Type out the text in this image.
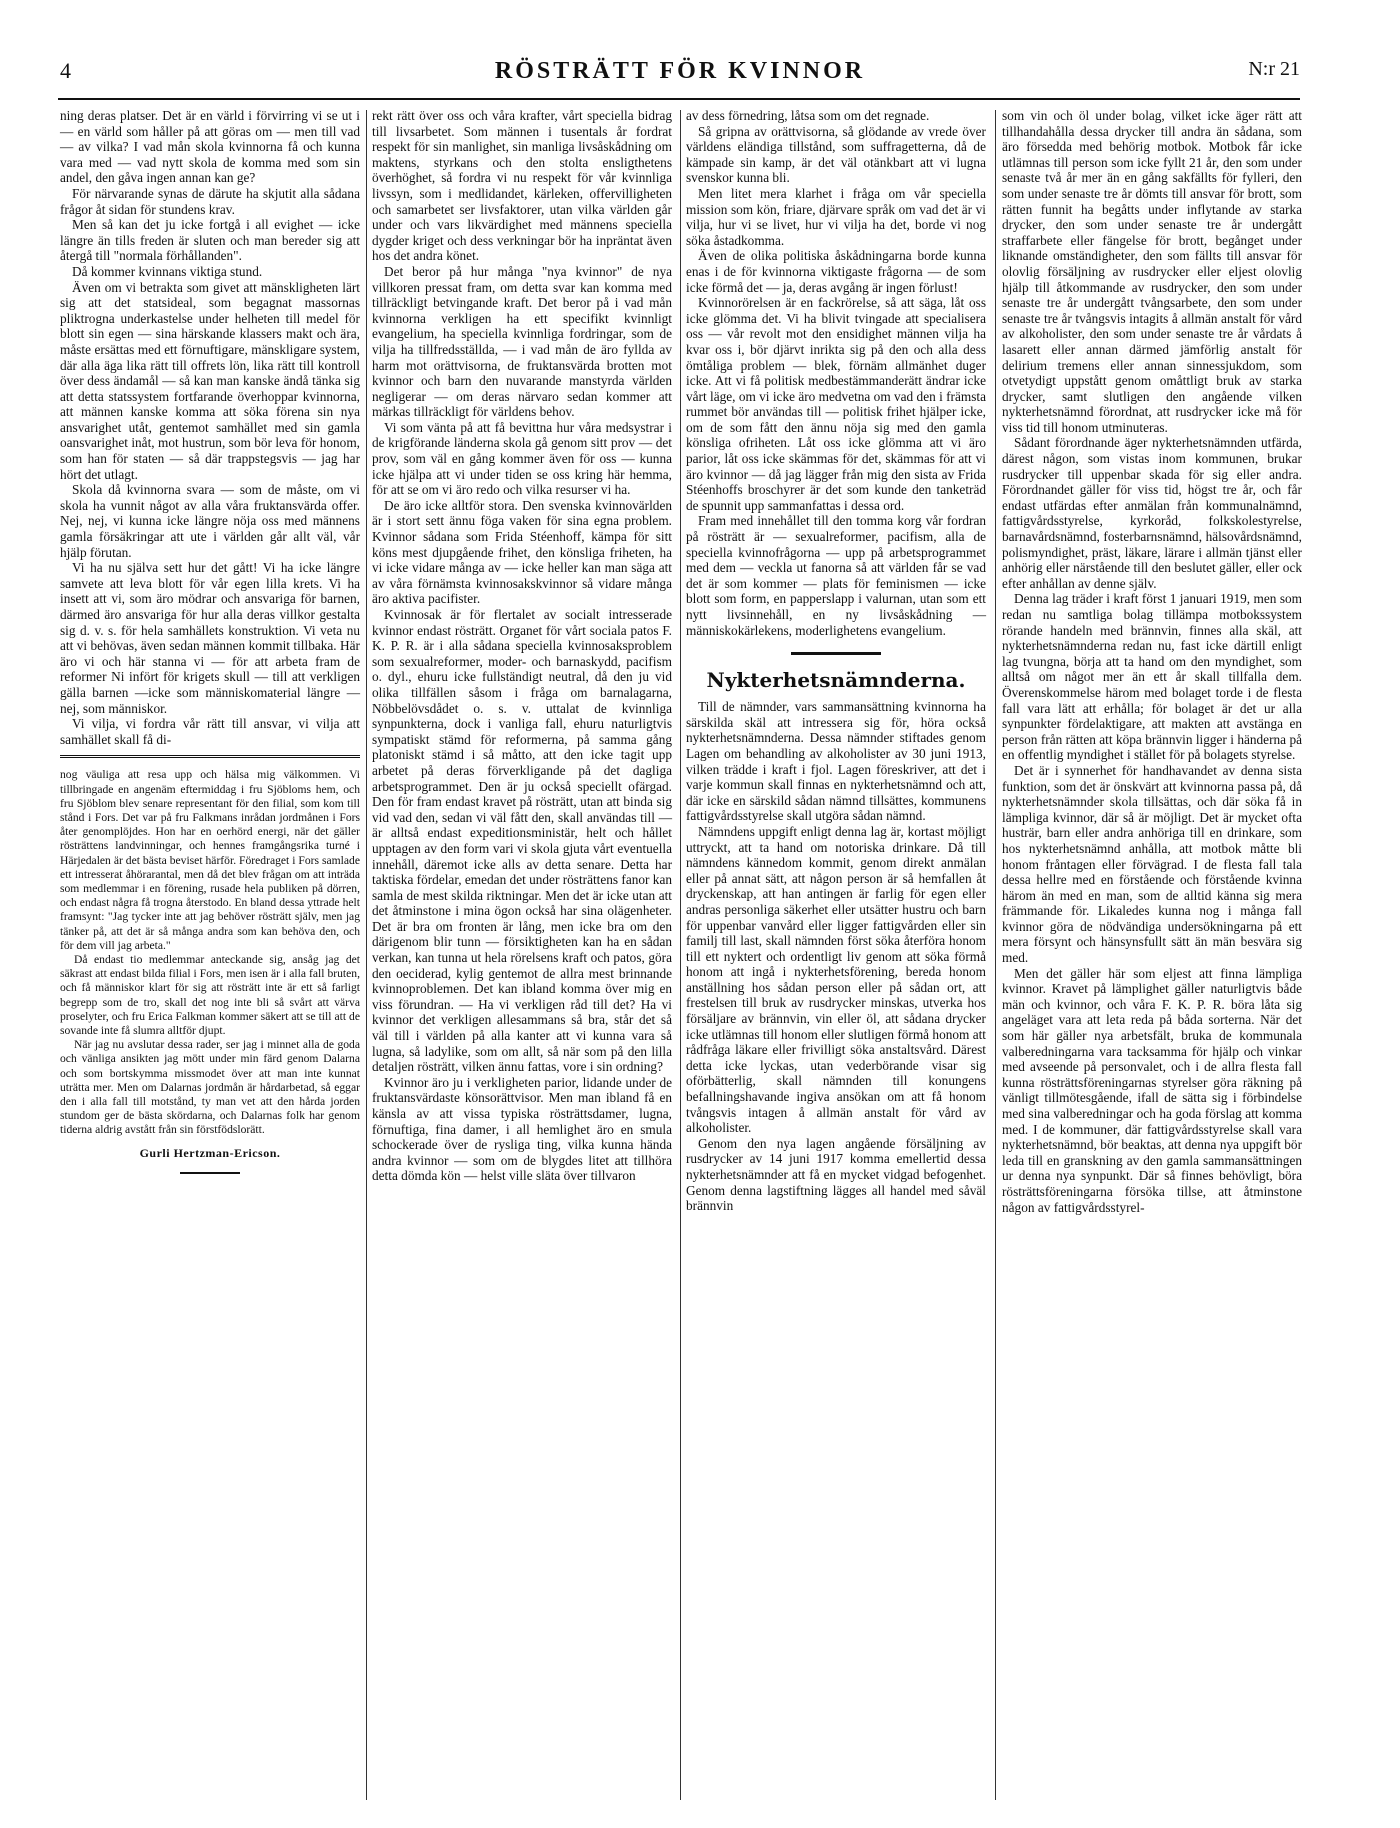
4	RÖSTRÄTT FÖR KVINNOR	N:r 21

ning deras platser. Det är en värld i förvirring vi se ut i — en värld som håller på att göras om — men till vad — av vilka? I vad mån skola kvinnorna få och kunna vara med — vad nytt skola de komma med som sin andel, den gåva ingen annan kan ge?

För närvarande synas de därute ha skjutit alla sådana frågor åt sidan för stundens krav.

Men så kan det ju icke fortgå i all evighet — icke längre än tills freden är sluten och man bereder sig att återgå till "normala förhållanden".

Då kommer kvinnans viktiga stund.

Även om vi betrakta som givet att mänskligheten lärt sig att det statsideal, som begagnat massornas pliktrogna underkastelse under helheten till medel för blott sin egen — sina härskande klassers makt och ära, måste ersättas med ett förnuftigare, mänskligare system, där alla äga lika rätt till offrets lön, lika rätt till kontroll över dess ändamål — så kan man kanske ändå tänka sig att detta statssystem fortfarande överhoppar kvinnorna, att männen kanske komma att söka förena sin nya ansvarighet utåt, gentemot samhället med sin gamla oansvarighet inåt, mot hustrun, som bör leva för honom, som han för staten — så där trappstegsvis — jag har hört det utlagt.

Skola då kvinnorna svara — som de måste, om vi skola ha vunnit något av alla våra fruktansvärda offer. Nej, nej, vi kunna icke längre nöja oss med männens gamla försäkringar att ute i världen går allt väl, vår hjälp förutan.

Vi ha nu själva sett hur det gått! Vi ha icke längre samvete att leva blott för vår egen lilla krets. Vi ha insett att vi, som äro mödrar och ansvariga för barnen, därmed äro ansvariga för hur alla deras villkor gestalta sig d. v. s. för hela samhällets konstruktion. Vi veta nu att vi behövas, även sedan männen kommit tillbaka. Här äro vi och här stanna vi — för att arbeta fram de reformer Ni infört för krigets skull — till att verkligen gälla barnen —icke som människomaterial längre — nej, som människor.

Vi vilja, vi fordra vår rätt till ansvar, vi vilja att samhället skall få di-

nog väuliga att resa upp och hälsa mig välkommen. Vi tillbringade en angenäm eftermiddag i fru Sjöbloms hem, och fru Sjöblom blev senare representant för den filial, som kom till stånd i Fors. Det var på fru Falkmans inrådan jordmånen i Fors åter genomplöjdes. Hon har en oerhörd energi, när det gäller rösträttens landvinningar, och hennes framgångsrika turné i Härjedalen är det bästa beviset härför. Föredraget i Fors samlade ett intresserat åhörarantal, men då det blev frågan om att inträda som medlemmar i en förening, rusade hela publiken på dörren, och endast några få trogna återstodo. En bland dessa yttrade helt framsynt: "Jag tycker inte att jag behöver rösträtt själv, men jag tänker på, att det är så många andra som kan behöva den, och för dem vill jag arbeta."

Då endast tio medlemmar anteckande sig, ansåg jag det säkrast att endast bilda filial i Fors, men isen är i alla fall bruten, och få människor klart för sig att rösträtt inte är ett så farligt begrepp som de tro, skall det nog inte bli så svårt att värva proselyter, och fru Erica Falkman kommer säkert att se till att de sovande inte få slumra alltför djupt.

När jag nu avslutar dessa rader, ser jag i minnet alla de goda och vänliga ansikten jag mött under min färd genom Dalarna och som bortskymma missmodet över att man inte kunnat uträtta mer. Men om Dalarnas jordmån är hårdarbetad, så eggar den i alla fall till motstånd, ty man vet att den hårda jorden stundom ger de bästa skördarna, och Dalarnas folk har genom tiderna aldrig avstått från sin förstfödslorätt.

Gurli Hertzman-Ericson.

rekt rätt över oss och våra krafter, vårt speciella bidrag till livsarbetet. Som männen i tusentals år fordrat respekt för sin manlighet, sin manliga livsåskådning om maktens, styrkans och den stolta ensligthetens överhöghet, så fordra vi nu respekt för vår kvinnliga livssyn, som i medlidandet, kärleken, offervilligheten och samarbetet ser livsfaktorer, utan vilka världen går under och vars likvärdighet med männens speciella dygder kriget och dess verkningar bör ha inpräntat även hos det andra könet.

Det beror på hur många "nya kvinnor" de nya villkoren pressat fram, om detta svar kan komma med tillräckligt betvingande kraft. Det beror på i vad mån kvinnorna verkligen ha ett specifikt kvinnligt evangelium, ha speciella kvinnliga fordringar, som de vilja ha tillfredsställda, — i vad mån de äro fyllda av harm mot orättvisorna, de fruktansvärda brotten mot kvinnor och barn den nuvarande manstyrda världen negligerar — om deras närvaro sedan kommer att märkas tillräckligt för världens behov.

Vi som vänta på att få bevittna hur våra medsystrar i de krigförande länderna skola gå genom sitt prov — det prov, som väl en gång kommer även för oss — kunna icke hjälpa att vi under tiden se oss kring här hemma, för att se om vi äro redo och vilka resurser vi ha.

De äro icke alltför stora. Den svenska kvinnovärlden är i stort sett ännu föga vaken för sina egna problem. Kvinnor sådana som Frida Stéenhoff, kämpa för sitt köns mest djupgående frihet, den könsliga friheten, ha vi icke vidare många av — icke heller kan man säga att av våra förnämsta kvinnosakskvinnor så vidare många äro aktiva pacifister.

Kvinnosak är för flertalet av socialt intresserade kvinnor endast rösträtt. Organet för vårt sociala patos F. K. P. R. är i alla sådana speciella kvinnosaksproblem som sexualreformer, moder- och barnaskydd, pacifism o. dyl., ehuru icke fullständigt neutral, då den ju vid olika tillfällen såsom i fråga om barnalagarna, Nöbbelövsdådet o. s. v. uttalat de kvinnliga synpunkterna, dock i vanliga fall, ehuru naturligtvis sympatiskt stämd för reformerna, på samma gång platoniskt stämd i så måtto, att den icke tagit upp arbetet på deras förverkligande på det dagliga arbetsprogrammet. Den är ju också speciellt ofärgad. Den för fram endast kravet på rösträtt, utan att binda sig vid vad den, sedan vi väl fått den, skall användas till — är alltså endast expeditionsministär, helt och hållet upptagen av den form vari vi skola gjuta vårt eventuella innehåll, däremot icke alls av detta senare. Detta har taktiska fördelar, emedan det under rösträttens fanor kan samla de mest skilda riktningar. Men det är icke utan att det åtminstone i mina ögon också har sina olägenheter. Det är bra om fronten är lång, men icke bra om den därigenom blir tunn — försiktigheten kan ha en sådan verkan, kan tunna ut hela rörelsens kraft och patos, göra den oeciderad, kylig gentemot de allra mest brinnande kvinnoproblemen. Det kan ibland komma över mig en viss förundran. — Ha vi verkligen råd till det? Ha vi kvinnor det verkligen allesammans så bra, står det så väl till i världen på alla kanter att vi kunna vara så lugna, så ladylike, som om allt, så när som på den lilla detaljen rösträtt, vilken ännu fattas, vore i sin ordning?

Kvinnor äro ju i verkligheten parior, lidande under de fruktansvärdaste könsorättvisor. Men man ibland få en känsla av att vissa typiska rösträttsdamer, lugna, förnuftiga, fina damer, i all hemlighet äro en smula schockerade över de rysliga ting, vilka kunna hända andra kvinnor — som om de blygdes litet att tillhöra detta dömda kön — helst ville släta över tillvaron

av dess förnedring, låtsa som om det regnade.

Så gripna av orättvisorna, så glödande av vrede över världens eländiga tillstånd, som suffragetterna, då de kämpade sin kamp, är det väl otänkbart att vi lugna svenskor kunna bli.

Men litet mera klarhet i fråga om vår speciella mission som kön, friare, djärvare språk om vad det är vi vilja, hur vi se livet, hur vi vilja ha det, borde vi nog söka åstadkomma.

Även de olika politiska åskådningarna borde kunna enas i de för kvinnorna viktigaste frågorna — de som icke förmå det — ja, deras avgång är ingen förlust!

Kvinnorörelsen är en fackrörelse, så att säga, låt oss icke glömma det. Vi ha blivit tvingade att specialisera oss — vår revolt mot den ensidighet männen vilja ha kvar oss i, bör djärvt inrikta sig på den och alla dess ömtåliga problem — blek, förnäm allmänhet duger icke. Att vi få politisk medbestämmanderätt ändrar icke vårt läge, om vi icke äro medvetna om vad den i främsta rummet bör användas till — politisk frihet hjälper icke, om de som fått den ännu nöja sig med den gamla könsliga ofriheten. Låt oss icke glömma att vi äro parior, låt oss icke skämmas för det, skämmas för att vi äro kvinnor — då jag lägger från mig den sista av Frida Stéenhoffs broschyrer är det som kunde den tanketräd de spunnit upp sammanfattas i dessa ord.

Fram med innehållet till den tomma korg vår fordran på rösträtt är — sexualreformer, pacifism, alla de speciella kvinnofrågorna — upp på arbetsprogrammet med dem — veckla ut fanorna så att världen får se vad det är som kommer — plats för feminismen — icke blott som form, en papperslapp i valurnan, utan som ett nytt livsinnehåll, en ny livsåskådning — människokärlekens, moderlighetens evangelium.

Nykterhetsnämnderna.

Till de nämnder, vars sammansättning kvinnorna ha särskilda skäl att intressera sig för, höra också nykterhetsnämnderna. Dessa nämnder stiftades genom Lagen om behandling av alkoholister av 30 juni 1913, vilken trädde i kraft i fjol. Lagen föreskriver, att det i varje kommun skall finnas en nykterhetsnämnd och att, där icke en särskild sådan nämnd tillsättes, kommunens fattigvårdsstyrelse skall utgöra sådan nämnd.

Nämndens uppgift enligt denna lag är, kortast möjligt uttryckt, att ta hand om notoriska drinkare. Då till nämndens kännedom kommit, genom direkt anmälan eller på annat sätt, att någon person är så hemfallen åt dryckenskap, att han antingen är farlig för egen eller andras personliga säkerhet eller utsätter hustru och barn för uppenbar vanvård eller ligger fattigvården eller sin familj till last, skall nämnden först söka återföra honom till ett nyktert och ordentligt liv genom att söka förmå honom att ingå i nykterhetsförening, bereda honom anställning hos sådan person eller på sådan ort, att frestelsen till bruk av rusdrycker minskas, utverka hos försäljare av brännvin, vin eller öl, att sådana drycker icke utlämnas till honom eller slutligen förmå honom att rådfråga läkare eller frivilligt söka anstaltsvård. Därest detta icke lyckas, utan vederbörande visar sig oförbätterlig, skall nämnden till konungens befallningshavande ingiva ansökan om att få honom tvångsvis intagen å allmän anstalt för vård av alkoholister.

Genom den nya lagen angående försäljning av rusdrycker av 14 juni 1917 komma emellertid dessa nykterhetsnämnder att få en mycket vidgad befogenhet. Genom denna lagstiftning lägges all handel med såväl brännvin

som vin och öl under bolag, vilket icke äger rätt att tillhandahålla dessa drycker till andra än sådana, som äro försedda med behörig motbok. Motbok får icke utlämnas till person som icke fyllt 21 år, den som under senaste två år mer än en gång sakfällts för fylleri, den som under senaste tre år dömts till ansvar för brott, som rätten funnit ha begåtts under inflytande av starka drycker, den som under senaste tre år undergått straffarbete eller fängelse för brott, begånget under liknande omständigheter, den som fällts till ansvar för olovlig försäljning av rusdrycker eller eljest olovlig hjälp till åtkommande av rusdrycker, den som under senaste tre år undergått tvångsarbete, den som under senaste tre år tvångsvis intagits å allmän anstalt för vård av alkoholister, den som under senaste tre år vårdats å lasarett eller annan därmed jämförlig anstalt för delirium tremens eller annan sinnessjukdom, som otvetydigt uppstått genom omåttligt bruk av starka drycker, samt slutligen den angående vilken nykterhetsnämnd förordnat, att rusdrycker icke må för viss tid till honom utminuteras.

Sådant förordnande äger nykterhetsnämnden utfärda, därest någon, som vistas inom kommunen, brukar rusdrycker till uppenbar skada för sig eller andra. Förordnandet gäller för viss tid, högst tre år, och får endast utfärdas efter anmälan från kommunalnämnd, fattigvårdsstyrelse, kyrkoråd, folkskolestyrelse, barnavårdsnämnd, fosterbarnsnämnd, hälsovårdsnämnd, polismyndighet, präst, läkare, lärare i allmän tjänst eller anhörig eller närstående till den beslutet gäller, eller ock efter anhållan av denne själv.

Denna lag träder i kraft först 1 januari 1919, men som redan nu samtliga bolag tillämpa motbokssystem rörande handeln med brännvin, finnes alla skäl, att nykterhetsnämnderna redan nu, fast icke därtill enligt lag tvungna, börja att ta hand om den myndighet, som alltså om något mer än ett år skall tillfalla dem. Överenskommelse härom med bolaget torde i de flesta fall vara lätt att erhålla; för bolaget är det ur alla synpunkter fördelaktigare, att makten att avstänga en person från rätten att köpa brännvin ligger i händerna på en offentlig myndighet i stället för på bolagets styrelse.

Det är i synnerhet för handhavandet av denna sista funktion, som det är önskvärt att kvinnorna passa på, då nykterhetsnämnder skola tillsättas, och där söka få in lämpliga kvinnor, där så är möjligt. Det är mycket ofta husträr, barn eller andra anhöriga till en drinkare, som hos nykterhetsnämnd anhålla, att motbok måtte bli honom fråntagen eller förvägrad. I de flesta fall tala dessa hellre med en förstående och förstående kvinna härom än med en man, som de alltid känna sig mera främmande för. Likaledes kunna nog i många fall kvinnor göra de nödvändiga undersökningarna på ett mera försynt och hänsynsfullt sätt än män besvära sig med.

Men det gäller här som eljest att finna lämpliga kvinnor. Kravet på lämplighet gäller naturligtvis både män och kvinnor, och våra F. K. P. R. böra låta sig angeläget vara att leta reda på båda sorterna. När det som här gäller nya arbetsfält, bruka de kommunala valberedningarna vara tacksamma för hjälp och vinkar med avseende på personvalet, och i de allra flesta fall kunna rösträttsföreningarnas styrelser göra räkning på vänligt tillmötesgående, ifall de sätta sig i förbindelse med sina valberedningar och ha goda förslag att komma med. I de kommuner, där fattigvårdsstyrelse skall vara nykterhetsnämnd, bör beaktas, att denna nya uppgift bör leda till en granskning av den gamla sammansättningen ur denna nya synpunkt. Där så finnes behövligt, böra rösträttsföreningarna försöka tillse, att åtminstone någon av fattigvårdsstyrel-
